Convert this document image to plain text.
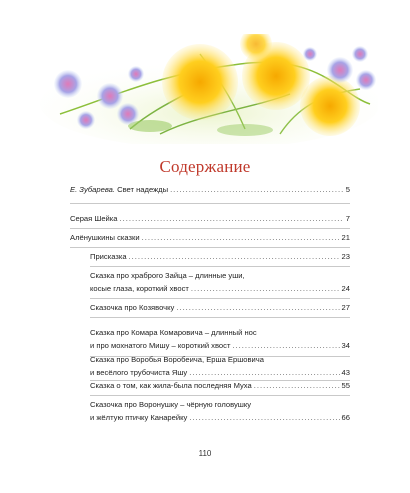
Содержание
Е. Зубарева. Свет надежды .....	5
Серая Шейка .....	7
Алёнушкины сказки .....	21
Присказка .....	23
Сказка про храброго Зайца – длинные уши,
косые глаза, короткий хвост .....	24
Сказочка про Козявочку .....	27
Сказка про Комара Комаровича – длинный нос
и про мохнатого Мишу – короткий хвост .....	34
Сказка про Воробья Воробеича, Ерша Ершовича
и весёлого трубочиста Яшу .....	43
Сказка о том, как жила-была последняя Муха .....	55
Сказочка про Воронушку – чёрную головушку
и жёлтую птичку Канарейку .....	66
110
